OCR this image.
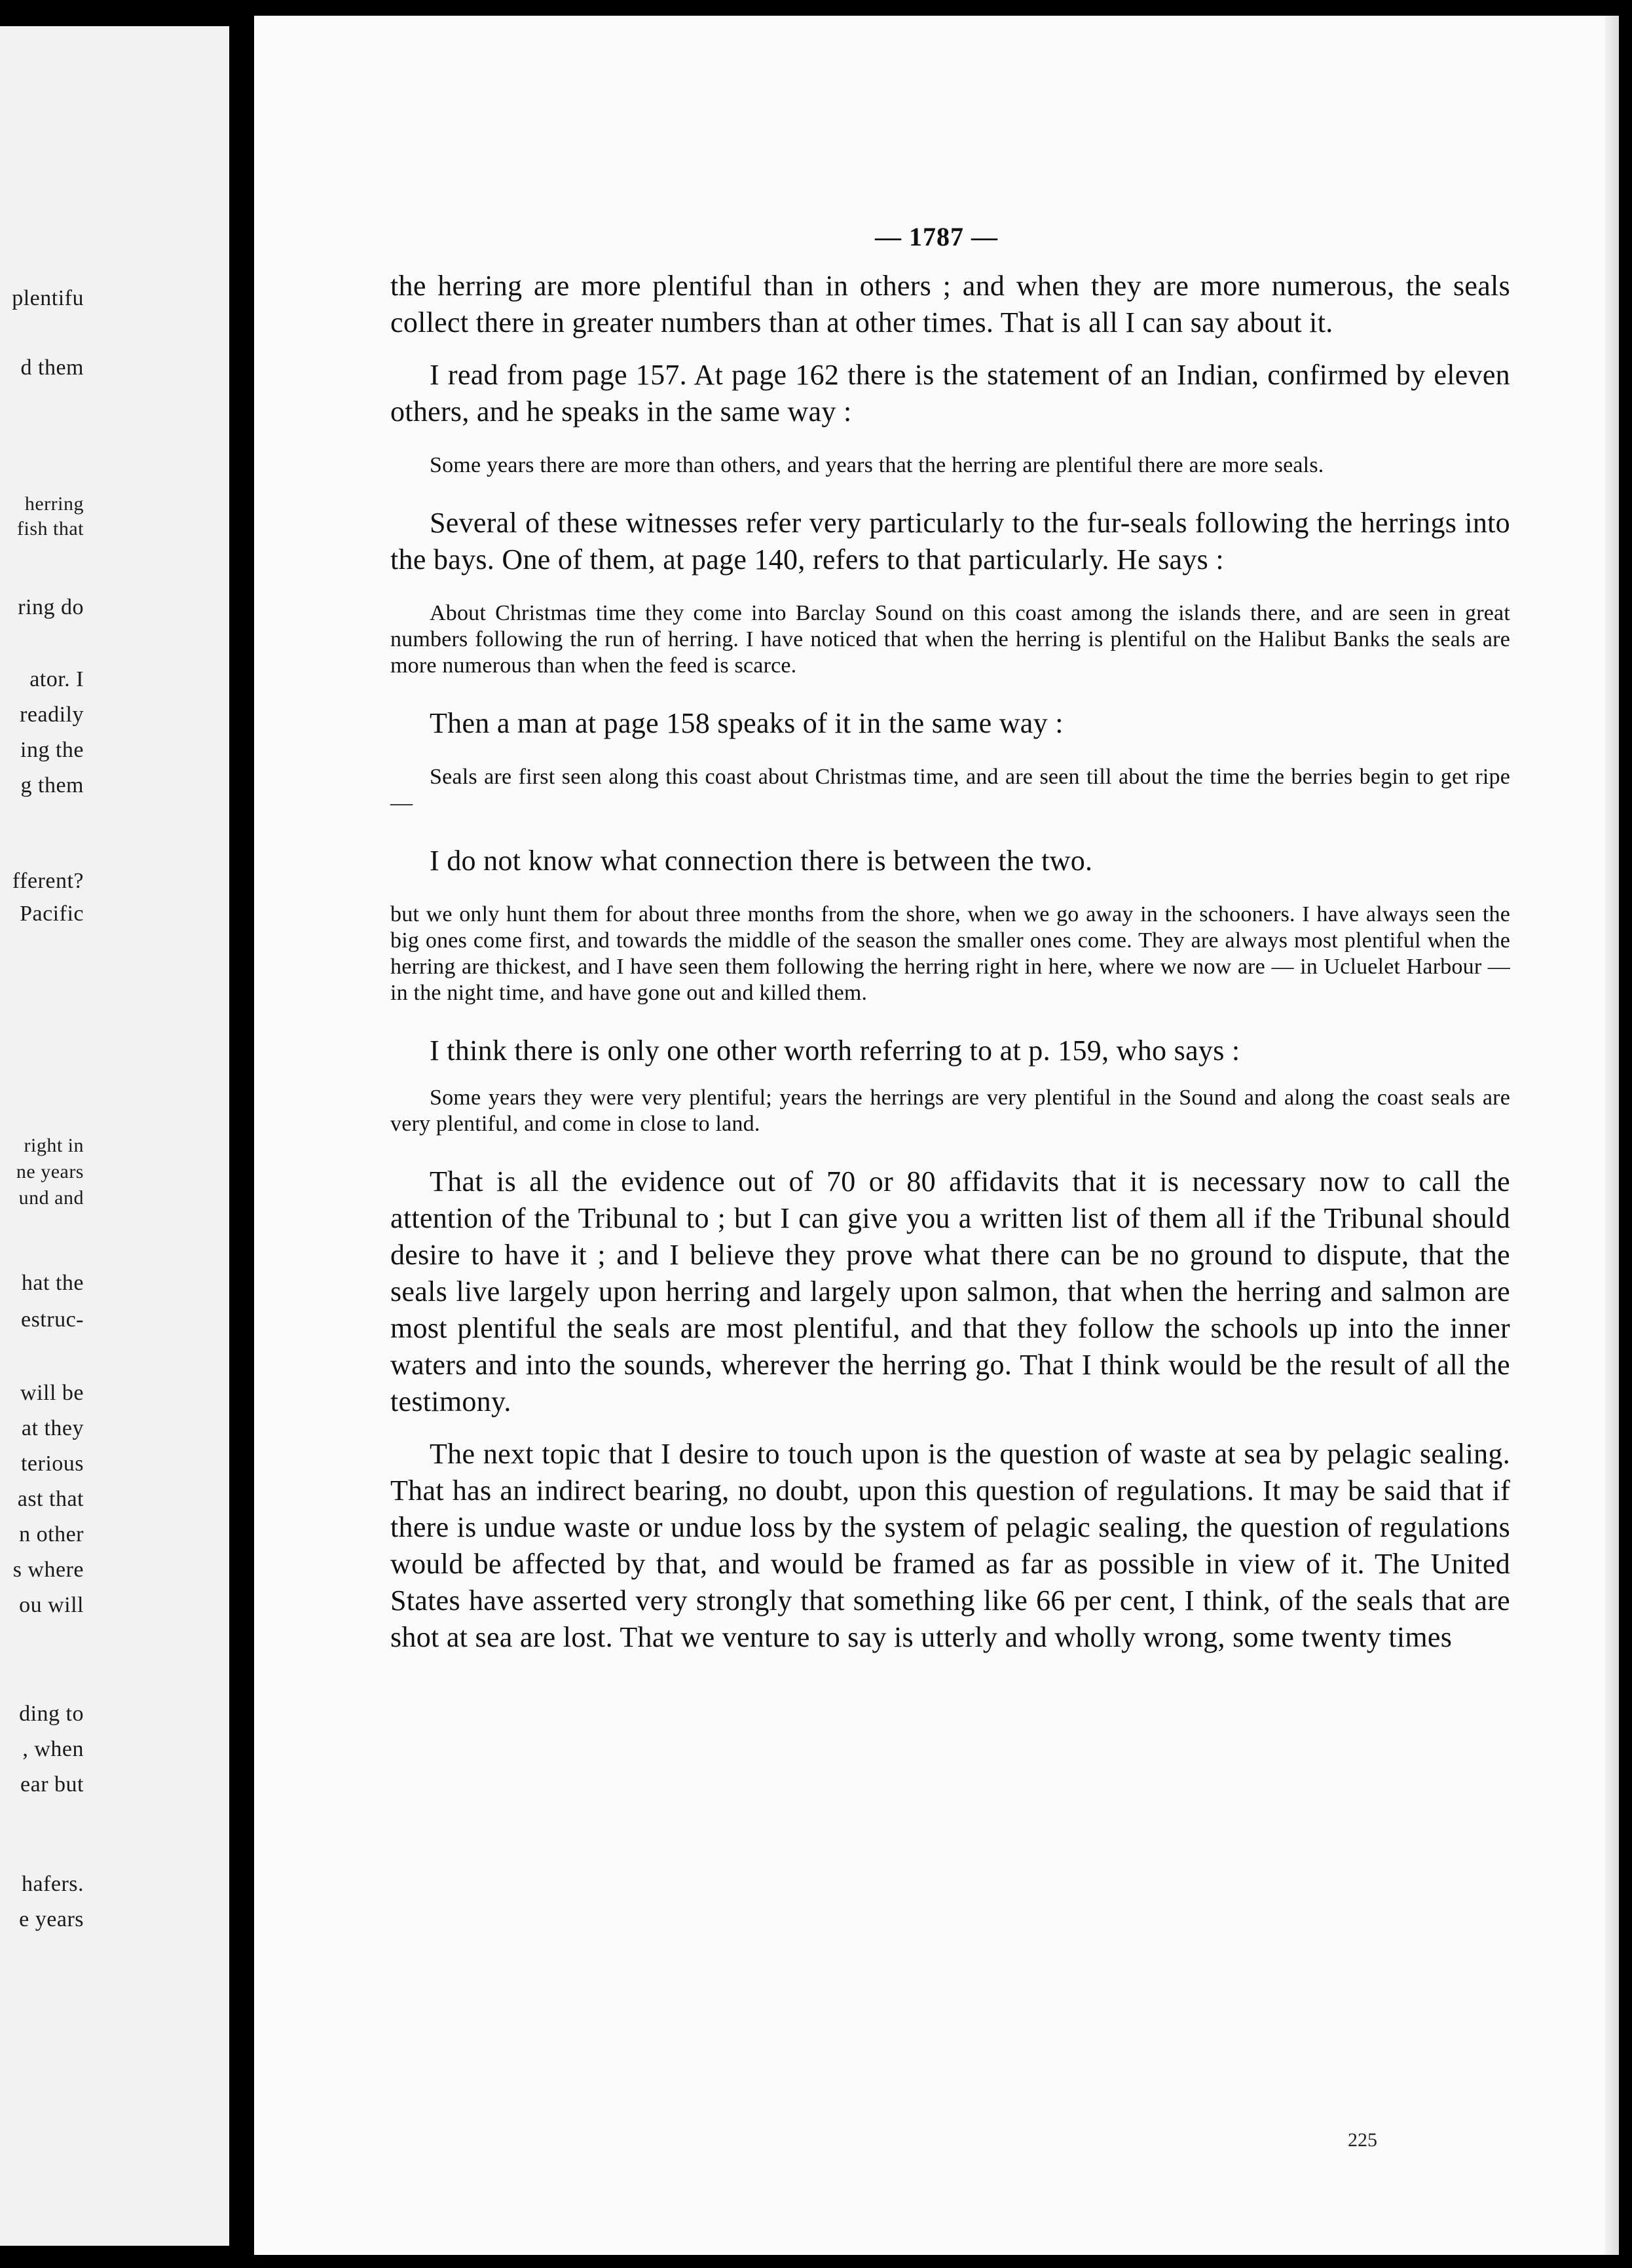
plentifu
d them
herring
fish that
ring do
ator. I
readily
ing the
g them
fferent?
Pacific
right in
ne years
und and
hat the
estruc-
will be
at they
terious
ast that
n other
s where
ou will
ding to
, when
ear but
hafers.
e years
— 1787 —

the herring are more plentiful than in others ; and when they are more numerous, the seals collect there in greater numbers than at other times. That is all I can say about it.

I read from page 157. At page 162 there is the statement of an Indian, confirmed by eleven others, and he speaks in the same way :

Some years there are more than others, and years that the herring are plentiful there are more seals.

Several of these witnesses refer very particularly to the fur-seals following the herrings into the bays. One of them, at page 140, refers to that particularly. He says :

About Christmas time they come into Barclay Sound on this coast among the islands there, and are seen in great numbers following the run of herring. I have noticed that when the herring is plentiful on the Halibut Banks the seals are more numerous than when the feed is scarce.

Then a man at page 158 speaks of it in the same way :

Seals are first seen along this coast about Christmas time, and are seen till about the time the berries begin to get ripe —

I do not know what connection there is between the two.

but we only hunt them for about three months from the shore, when we go away in the schooners. I have always seen the big ones come first, and towards the middle of the season the smaller ones come. They are always most plentiful when the herring are thickest, and I have seen them following the herring right in here, where we now are — in Ucluelet Harbour — in the night time, and have gone out and killed them.

I think there is only one other worth referring to at p. 159, who says :

Some years they were very plentiful; years the herrings are very plentiful in the Sound and along the coast seals are very plentiful, and come in close to land.

That is all the evidence out of 70 or 80 affidavits that it is necessary now to call the attention of the Tribunal to ; but I can give you a written list of them all if the Tribunal should desire to have it ; and I believe they prove what there can be no ground to dispute, that the seals live largely upon herring and largely upon salmon, that when the herring and salmon are most plentiful the seals are most plentiful, and that they follow the schools up into the inner waters and into the sounds, wherever the herring go. That I think would be the result of all the testimony.

The next topic that I desire to touch upon is the question of waste at sea by pelagic sealing. That has an indirect bearing, no doubt, upon this question of regulations. It may be said that if there is undue waste or undue loss by the system of pelagic sealing, the question of regulations would be affected by that, and would be framed as far as possible in view of it. The United States have asserted very strongly that something like 66 per cent, I think, of the seals that are shot at sea are lost. That we venture to say is utterly and wholly wrong, some twenty times

225
